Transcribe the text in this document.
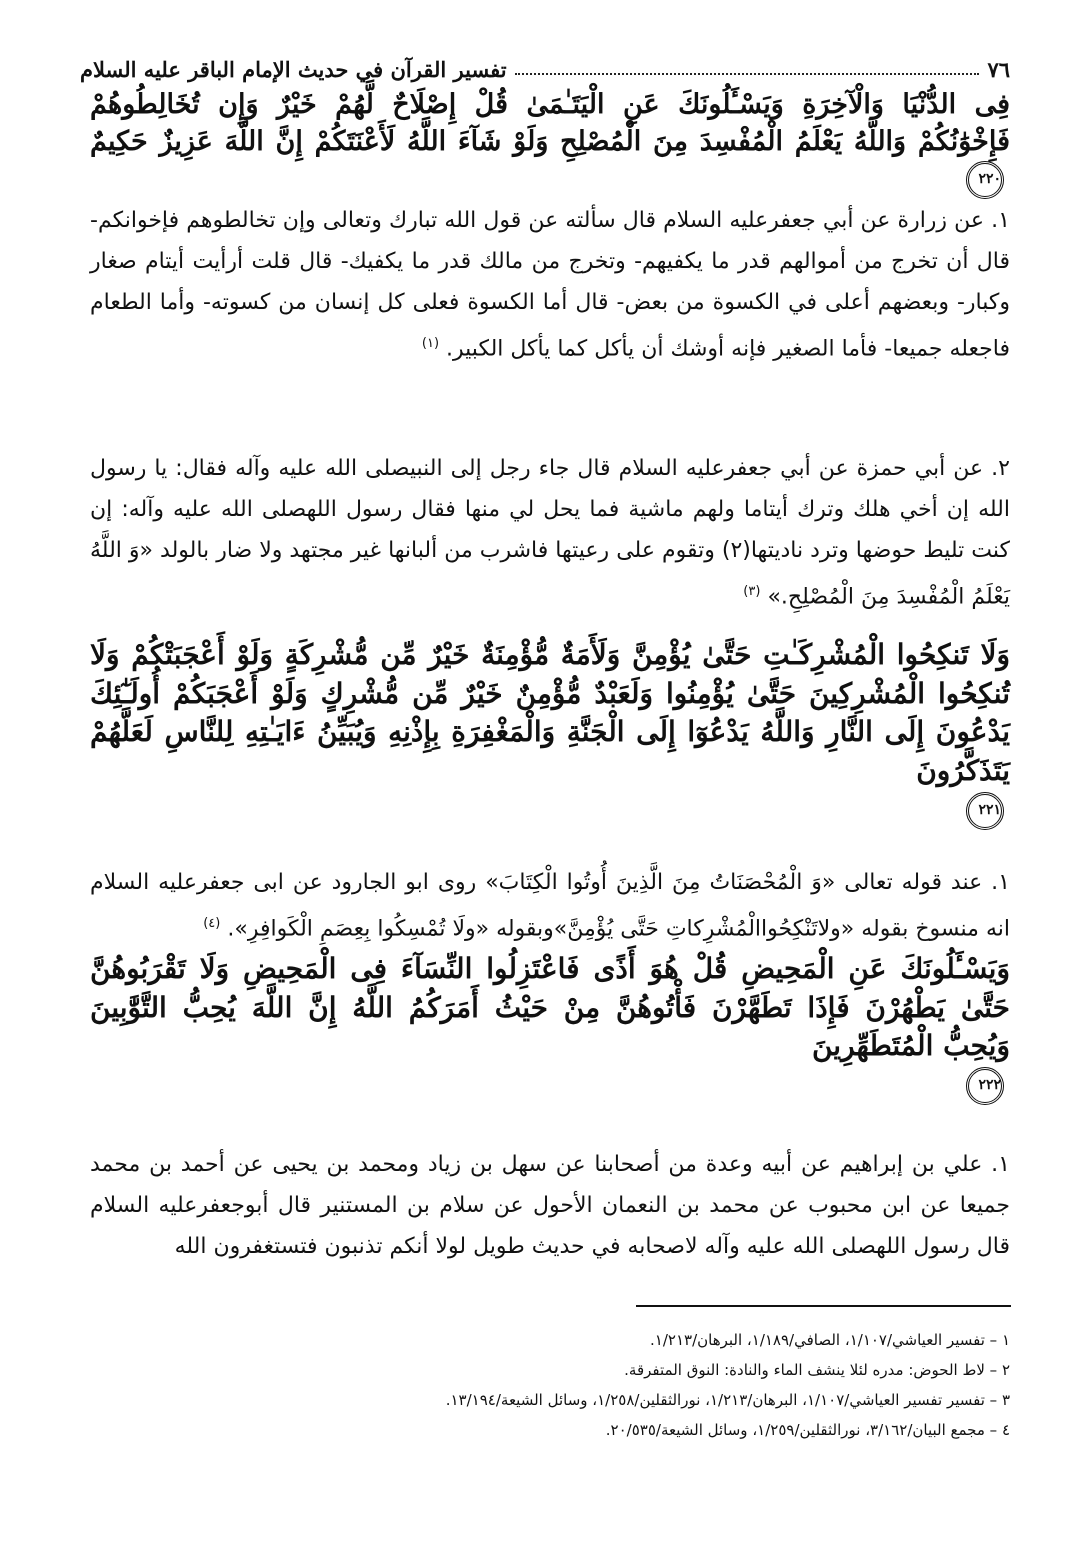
٧٦
تفسير القرآن في حديث الإمام الباقر عليه السلام
فِى الدُّنْيَا وَالْآخِرَةِ وَيَسْـَٔلُونَكَ عَنِ الْيَتَـٰمَىٰ قُلْ إِصْلَاحٌ لَّهُمْ خَيْرٌ وَإِن تُخَالِطُوهُمْ فَإِخْوَٰنُكُمْ وَاللَّهُ يَعْلَمُ الْمُفْسِدَ مِنَ الْمُصْلِحِ وَلَوْ شَآءَ اللَّهُ لَأَعْنَتَكُمْ إِنَّ اللَّهَ عَزِيزٌ حَكِيمٌ ٢٢٠
١. عن زرارة عن أبي جعفرعليه السلام قال سألته عن قول الله تبارك وتعالى وإن تخالطوهم فإخوانكم- قال أن تخرج من أموالهم قدر ما يكفيهم- وتخرج من مالك قدر ما يكفيك- قال قلت أرأيت أيتام صغار وكبار- وبعضهم أعلى في الكسوة من بعض- قال أما الكسوة فعلى كل إنسان من كسوته- وأما الطعام فاجعله جميعا- فأما الصغير فإنه أوشك أن يأكل كما يأكل الكبير. $^{(١)}$
٢. عن أبي حمزة عن أبي جعفرعليه السلام قال جاء رجل إلى النبيصلى الله عليه وآله فقال: يا رسول الله إن أخي هلك وترك أيتاما ولهم ماشية فما يحل لي منها فقال رسول اللهصلى الله عليه وآله: إن كنت تليط حوضها وترد ناديتها(٢) وتقوم على رعيتها فاشرب من ألبانها غير مجتهد ولا ضار بالولد «وَ اللَّهُ يَعْلَمُ الْمُفْسِدَ مِنَ الْمُصْلِحِ.» $^{(٣)}$
وَلَا تَنكِحُوا الْمُشْرِكَـٰتِ حَتَّىٰ يُؤْمِنَّ وَلَأَمَةٌ مُّؤْمِنَةٌ خَيْرٌ مِّن مُّشْرِكَةٍ وَلَوْ أَعْجَبَتْكُمْ وَلَا تُنكِحُوا الْمُشْرِكِينَ حَتَّىٰ يُؤْمِنُوا وَلَعَبْدٌ مُّؤْمِنٌ خَيْرٌ مِّن مُّشْرِكٍ وَلَوْ أَعْجَبَكُمْ أُولَـٰٓئِكَ يَدْعُونَ إِلَى النَّارِ وَاللَّهُ يَدْعُوٓا إِلَى الْجَنَّةِ وَالْمَغْفِرَةِ بِإِذْنِهِ وَيُبَيِّنُ ءَايَـٰتِهِ لِلنَّاسِ لَعَلَّهُمْ يَتَذَكَّرُونَ
٢٢١
١. عند قوله تعالى «وَ الْمُحْصَنَاتُ مِنَ الَّذِينَ أُوتُوا الْكِتَابَ» روى ابو الجارود عن ابى جعفرعليه السلام انه منسوخ بقوله «ولاتَنْكِحُواالْمُشْرِكاتِ حَتَّى يُؤْمِنَّ»وبقوله «ولَا تُمْسِكُوا بِعِصَمِ الْكَوافِرِ». $^{(٤)}$
وَيَسْـَٔلُونَكَ عَنِ الْمَحِيضِ قُلْ هُوَ أَذًى فَاعْتَزِلُوا النِّسَآءَ فِى الْمَحِيضِ وَلَا تَقْرَبُوهُنَّ حَتَّىٰ يَطْهُرْنَ فَإِذَا تَطَهَّرْنَ فَأْتُوهُنَّ مِنْ حَيْثُ أَمَرَكُمُ اللَّهُ إِنَّ اللَّهَ يُحِبُّ التَّوَّٰبِينَ وَيُحِبُّ الْمُتَطَهِّرِينَ
٢٢٢
١. علي بن إبراهيم عن أبيه وعدة من أصحابنا عن سهل بن زياد ومحمد بن يحيى عن أحمد بن محمد جميعا عن ابن محبوب عن محمد بن النعمان الأحول عن سلام بن المستنير قال أبوجعفرعليه السلام قال رسول اللهصلى الله عليه وآله لاصحابه في حديث طويل لولا أنكم تذنبون فتستغفرون الله
١ – تفسير العياشي/١/١٠٧، الصافي/١/١٨٩، البرهان/١/٢١٣.
٢ – لاط الحوض: مدره لئلا ينشف الماء والنادة: النوق المتفرقة.
٣ – تفسير تفسير العياشي/١/١٠٧، البرهان/١/٢١٣، نورالثقلين/١/٢٥٨، وسائل الشيعة/١٣/١٩٤.
٤ – مجمع البيان/٣/١٦٢، نورالثقلين/١/٢٥٩، وسائل الشيعة/٢٠/٥٣٥.
